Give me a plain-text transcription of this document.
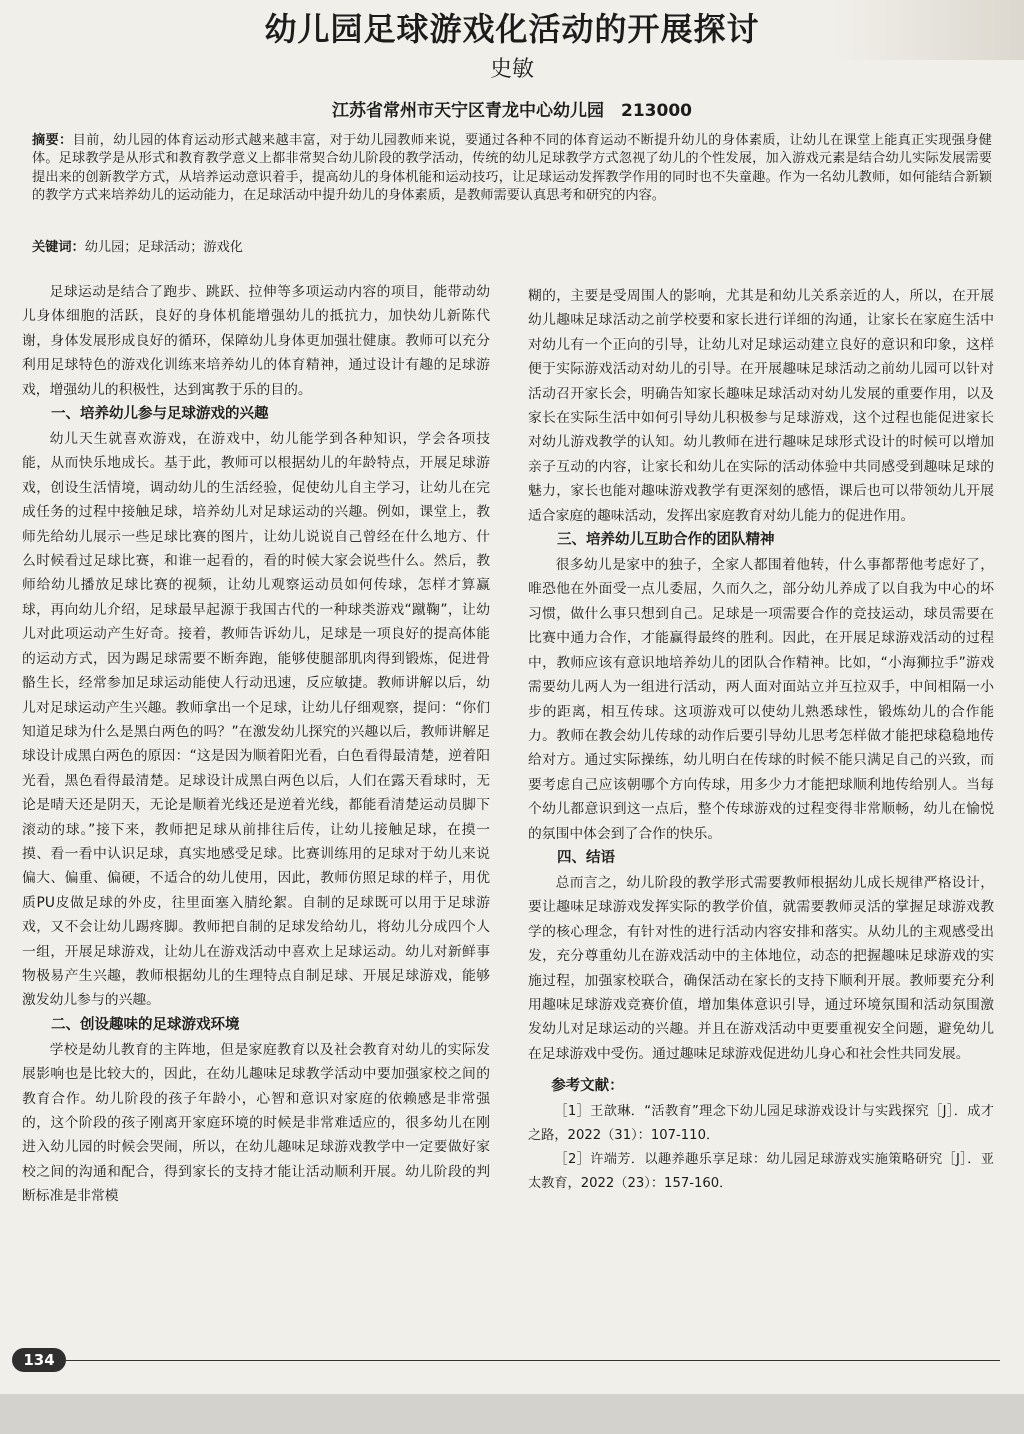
幼儿园足球游戏化活动的开展探讨
史敏
江苏省常州市天宁区青龙中心幼儿园　213000
摘要：目前，幼儿园的体育运动形式越来越丰富，对于幼儿园教师来说，要通过各种不同的体育运动不断提升幼儿的身体素质，让幼儿在课堂上能真正实现强身健体。足球教学是从形式和教育教学意义上都非常契合幼儿阶段的教学活动，传统的幼儿足球教学方式忽视了幼儿的个性发展，加入游戏元素是结合幼儿实际发展需要提出来的创新教学方式，从培养运动意识着手，提高幼儿的身体机能和运动技巧，让足球运动发挥教学作用的同时也不失童趣。作为一名幼儿教师，如何能结合新颖的教学方式来培养幼儿的运动能力，在足球活动中提升幼儿的身体素质，是教师需要认真思考和研究的内容。
关键词：幼儿园；足球活动；游戏化

足球运动是结合了跑步、跳跃、拉伸等多项运动内容的项目，能带动幼儿身体细胞的活跃，良好的身体机能增强幼儿的抵抗力，加快幼儿新陈代谢，身体发展形成良好的循环，保障幼儿身体更加强壮健康。教师可以充分利用足球特色的游戏化训练来培养幼儿的体育精神，通过设计有趣的足球游戏，增强幼儿的积极性，达到寓教于乐的目的。

一、培养幼儿参与足球游戏的兴趣

幼儿天生就喜欢游戏，在游戏中，幼儿能学到各种知识，学会各项技能，从而快乐地成长。基于此，教师可以根据幼儿的年龄特点，开展足球游戏，创设生活情境，调动幼儿的生活经验，促使幼儿自主学习，让幼儿在完成任务的过程中接触足球，培养幼儿对足球运动的兴趣。例如，课堂上，教师先给幼儿展示一些足球比赛的图片，让幼儿说说自己曾经在什么地方、什么时候看过足球比赛，和谁一起看的，看的时候大家会说些什么。然后，教师给幼儿播放足球比赛的视频，让幼儿观察运动员如何传球，怎样才算赢球，再向幼儿介绍，足球最早起源于我国古代的一种球类游戏“蹴鞠”，让幼儿对此项运动产生好奇。接着，教师告诉幼儿，足球是一项良好的提高体能的运动方式，因为踢足球需要不断奔跑，能够使腿部肌肉得到锻炼，促进骨骼生长，经常参加足球运动能使人行动迅速，反应敏捷。教师讲解以后，幼儿对足球运动产生兴趣。教师拿出一个足球，让幼儿仔细观察，提问：“你们知道足球为什么是黑白两色的吗？”在激发幼儿探究的兴趣以后，教师讲解足球设计成黑白两色的原因：“这是因为顺着阳光看，白色看得最清楚，逆着阳光看，黑色看得最清楚。足球设计成黑白两色以后，人们在露天看球时，无论是晴天还是阴天，无论是顺着光线还是逆着光线，都能看清楚运动员脚下滚动的球。”接下来，教师把足球从前排往后传，让幼儿接触足球，在摸一摸、看一看中认识足球，真实地感受足球。比赛训练用的足球对于幼儿来说偏大、偏重、偏硬，不适合的幼儿使用，因此，教师仿照足球的样子，用优质PU皮做足球的外皮，往里面塞入腈纶絮。自制的足球既可以用于足球游戏，又不会让幼儿踢疼脚。教师把自制的足球发给幼儿，将幼儿分成四个人一组，开展足球游戏，让幼儿在游戏活动中喜欢上足球运动。幼儿对新鲜事物极易产生兴趣，教师根据幼儿的生理特点自制足球、开展足球游戏，能够激发幼儿参与的兴趣。

二、创设趣味的足球游戏环境

学校是幼儿教育的主阵地，但是家庭教育以及社会教育对幼儿的实际发展影响也是比较大的，因此，在幼儿趣味足球教学活动中要加强家校之间的教育合作。幼儿阶段的孩子年龄小，心智和意识对家庭的依赖感是非常强的，这个阶段的孩子刚离开家庭环境的时候是非常难适应的，很多幼儿在刚进入幼儿园的时候会哭闹，所以，在幼儿趣味足球游戏教学中一定要做好家校之间的沟通和配合，得到家长的支持才能让活动顺利开展。幼儿阶段的判断标准是非常模

糊的，主要是受周围人的影响，尤其是和幼儿关系亲近的人，所以，在开展幼儿趣味足球活动之前学校要和家长进行详细的沟通，让家长在家庭生活中对幼儿有一个正向的引导，让幼儿对足球运动建立良好的意识和印象，这样便于实际游戏活动对幼儿的引导。在开展趣味足球活动之前幼儿园可以针对活动召开家长会，明确告知家长趣味足球活动对幼儿发展的重要作用，以及家长在实际生活中如何引导幼儿积极参与足球游戏，这个过程也能促进家长对幼儿游戏教学的认知。幼儿教师在进行趣味足球形式设计的时候可以增加亲子互动的内容，让家长和幼儿在实际的活动体验中共同感受到趣味足球的魅力，家长也能对趣味游戏教学有更深刻的感悟，课后也可以带领幼儿开展适合家庭的趣味活动，发挥出家庭教育对幼儿能力的促进作用。

三、培养幼儿互助合作的团队精神

很多幼儿是家中的独子，全家人都围着他转，什么事都帮他考虑好了，唯恐他在外面受一点儿委屈，久而久之，部分幼儿养成了以自我为中心的坏习惯，做什么事只想到自己。足球是一项需要合作的竞技运动，球员需要在比赛中通力合作，才能赢得最终的胜利。因此，在开展足球游戏活动的过程中，教师应该有意识地培养幼儿的团队合作精神。比如，“小海狮拉手”游戏需要幼儿两人为一组进行活动，两人面对面站立并互拉双手，中间相隔一小步的距离，相互传球。这项游戏可以使幼儿熟悉球性，锻炼幼儿的合作能力。教师在教会幼儿传球的动作后要引导幼儿思考怎样做才能把球稳稳地传给对方。通过实际操练，幼儿明白在传球的时候不能只满足自己的兴致，而要考虑自己应该朝哪个方向传球，用多少力才能把球顺利地传给别人。当每个幼儿都意识到这一点后，整个传球游戏的过程变得非常顺畅，幼儿在愉悦的氛围中体会到了合作的快乐。

四、结语

总而言之，幼儿阶段的教学形式需要教师根据幼儿成长规律严格设计，要让趣味足球游戏发挥实际的教学价值，就需要教师灵活的掌握足球游戏教学的核心理念，有针对性的进行活动内容安排和落实。从幼儿的主观感受出发，充分尊重幼儿在游戏活动中的主体地位，动态的把握趣味足球游戏的实施过程，加强家校联合，确保活动在家长的支持下顺利开展。教师要充分利用趣味足球游戏竞赛价值，增加集体意识引导，通过环境氛围和活动氛围激发幼儿对足球运动的兴趣。并且在游戏活动中更要重视安全问题，避免幼儿在足球游戏中受伤。通过趣味足球游戏促进幼儿身心和社会性共同发展。

参考文献：

［1］王歆琳．“活教育”理念下幼儿园足球游戏设计与实践探究［J］．成才之路，2022（31）：107-110．

［2］许端芳．以趣养趣乐享足球：幼儿园足球游戏实施策略研究［J］．亚太教育，2022（23）：157-160．

134
